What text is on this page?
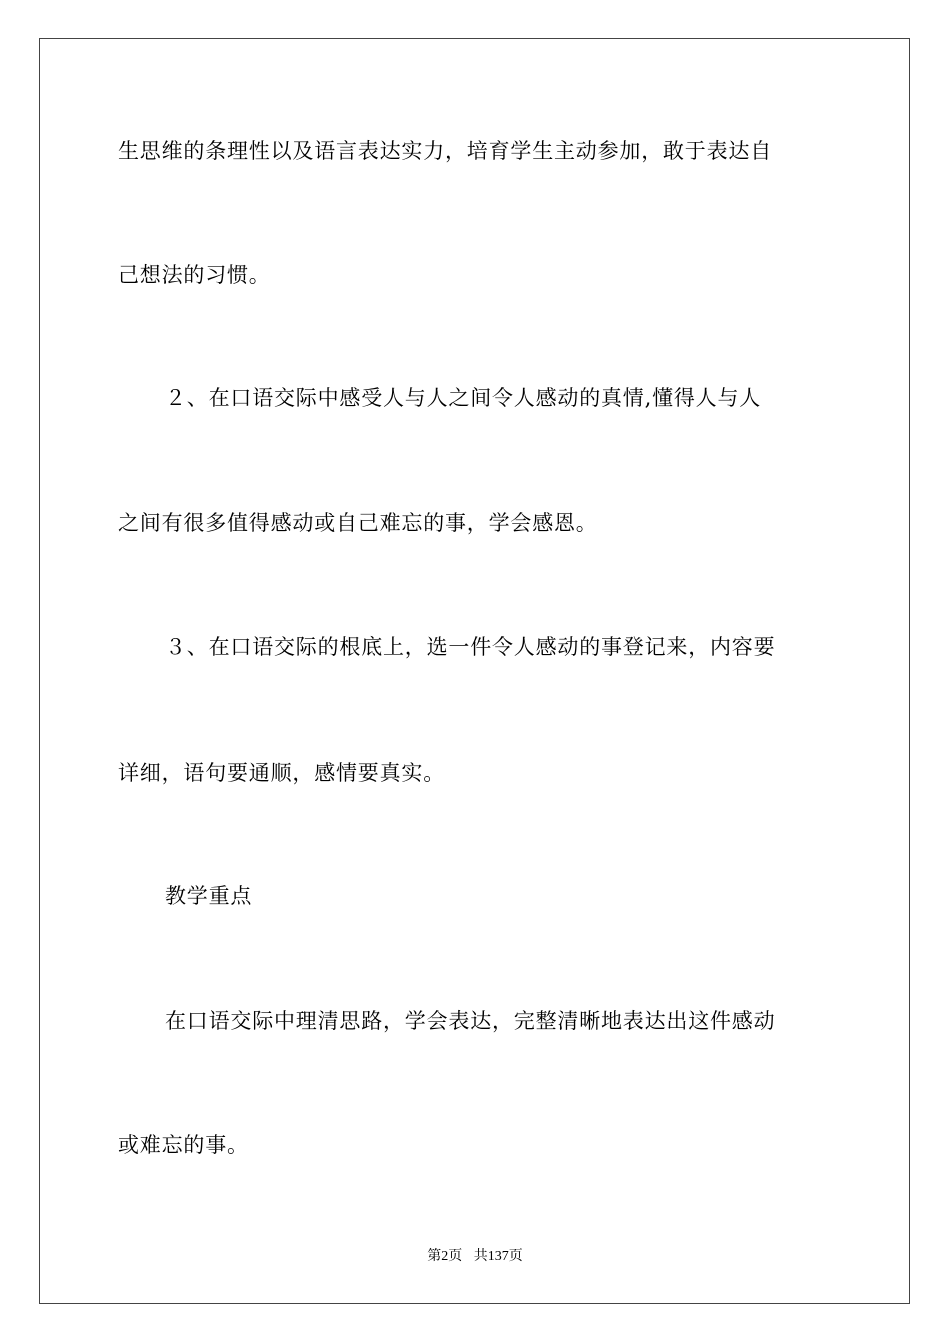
生思维的条理性以及语言表达实力，培育学生主动参加，敢于表达自
己想法的习惯。
２、在口语交际中感受人与人之间令人感动的真情,懂得人与人
之间有很多值得感动或自己难忘的事，学会感恩。
３、在口语交际的根底上，选一件令人感动的事登记来，内容要
详细，语句要通顺，感情要真实。
教学重点
在口语交际中理清思路，学会表达，完整清晰地表达出这件感动
或难忘的事。
第2页 共137页
